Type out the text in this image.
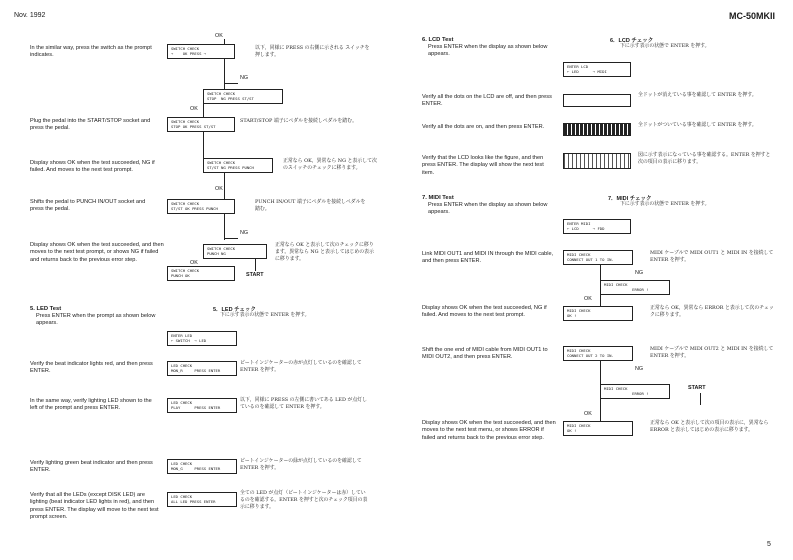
Nov. 1992	MC-50MKII
OK
SWITCH CHECK
→    OK PRESS →
In the similar way, press the switch as the prompt indicates.
以下，同様に PRESS の右側に示される スイッチを押します。
NG
SWITCH CHECK
STOP  NG PRESS ST/ST
OK
Plug the pedal into the START/STOP socket and press the pedal.
SWITCH CHECK
STOP OK PRESS ST/ST
START/STOP 端子にペダルを接続しペダルを踏む。
Display shows OK when the test succeeded, NG if failed. And moves to the next test prompt.
SWITCH CHECK
ST/ST NG PRESS PUNCH
正常なら OK，異常なら NG と表示して次のスイッチのチェックに移ります。
OK
Shifts the pedal to PUNCH IN/OUT socket and press the pedal.
SWITCH CHECK
ST/ST OK PRESS PUNCH
PUNCH IN/OUT 端子にペダルを接続しペダルを踏む。
NG
Display shows OK when the test succeeded, and then moves to the next test prompt, or shows NG if failed and returns back to the previous error step.
SWITCH CHECK
PUNCH NG
正常なら OK と表示して次のチェックに移ります。異常なら NG と表示してはじめの表示に移ります。
OK
SWITCH CHECK
PUNCH OK	START
5. LED Test
Press ENTER when the prompt as shown below appears.
5．LED チェック
下に示す表示の状態で ENTER を押す。
ENTER LED
← SWITCH  → LED
Verify the beat indicator lights red, and then press ENTER.
LED CHECK
MON_R     PRESS ENTER
ビートインジケーターの赤が点灯しているのを確認して ENTER を押す。
In the same way, verify lighting LED shown to the left of the prompt and press ENTER.
LED CHECK
PLAY      PRESS ENTER
以下，同様に PRESS の左側に書いてある LED が点灯しているのを確認して ENTER を押す。
Verify lighting green beat indicator and then press ENTER.
LED CHECK
MON_G     PRESS ENTER
ビートインジケーターの緑が点灯しているのを確認して ENTER を押す。
Verify that all the LEDs (except DISK LED) are lighting (beat indicator LED lights in red), and then press ENTER. The display will move to the next test prompt screen.
LED CHECK
ALL LED PRESS ENTER
全ての LED が点灯（ビートインジケーターは赤）しているのを確認する。ENTER を押すと次のチェック項目の表示に移ります。
6. LCD Test
Press ENTER when the display as shown below appears.
6．LCD チェック
下に示す表示の状態で ENTER を押す。
ENTER LCD
← LED      → MIDI
Verify all the dots on the LCD are off, and then press ENTER.
全ドットが消えている事を確認して ENTER を押す。
Verify all the dots are on, and then press ENTER.	全ドットがついている事を確認して ENTER を押す。
Verify that the LCD looks like the figure, and then press ENTER. The display will show the next test item.
図に示す表示になっている事を確認する。ENTER を押すと次の項目の表示に移ります。
7. MIDI Test
Press ENTER when the display as shown below appears.
7．MIDI チェック
下に示す表示の状態で ENTER を押す。
ENTER MIDI
← LCD      → FDD
Link MIDI OUT1 and MIDI IN through the MIDI cable, and then press ENTER.
MIDI CHECK
CONNECT OUT 1 TO IN.
MIDI ケーブルで MIDI OUT1 と MIDI IN を接続して ENTER を押す。
NG
MIDI CHECK
ERROR !
OK
Display shows OK when the test succeeded, NG if failed. And moves to the next test prompt.
MIDI CHECK
OK !
正常なら OK，異常なら ERROR と表示して次のチェックに移ります。
Shift the one end of MIDI cable from MIDI OUT1 to MIDI OUT2, and then press ENTER.
MIDI CHECK
CONNECT OUT 2 TO IN.
MIDI ケーブルで MIDI OUT2 と MIDI IN を接続して ENTER を押す。
NG
START
MIDI CHECK
ERROR !
OK
Display shows OK when the test succeeded, and then moves to the next test menu, or shows ERROR if failed and returns back to the previous error step.
MIDI CHECK
OK !
正常なら OK と表示して次の項目の表示に，異常なら ERROR と表示してはじめの表示に移ります。
5
